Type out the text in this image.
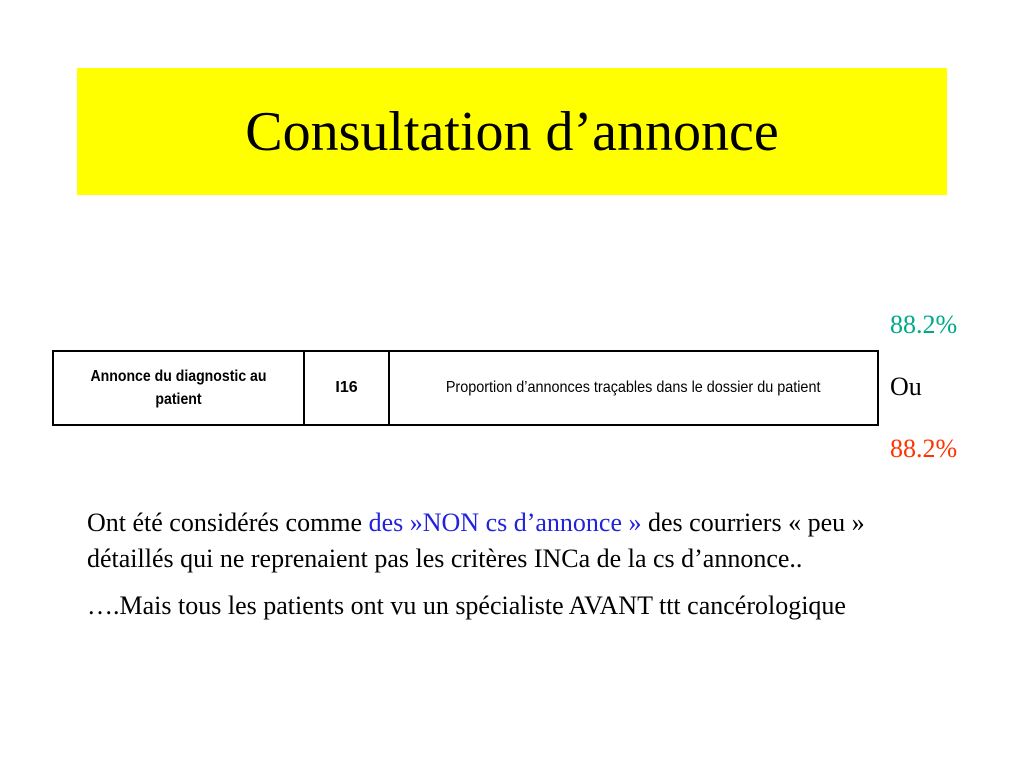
Consultation d’annonce
Annonce du diagnostic au patient	I16	Proportion d’annonces traçables dans le dossier du patient
88.2%
Ou
88.2%

Ont été considérés comme des »NON cs d’annonce » des courriers « peu » détaillés qui ne reprenaient pas les critères INCa de la cs d’annonce..

….Mais tous les patients ont vu un spécialiste AVANT ttt cancérologique
